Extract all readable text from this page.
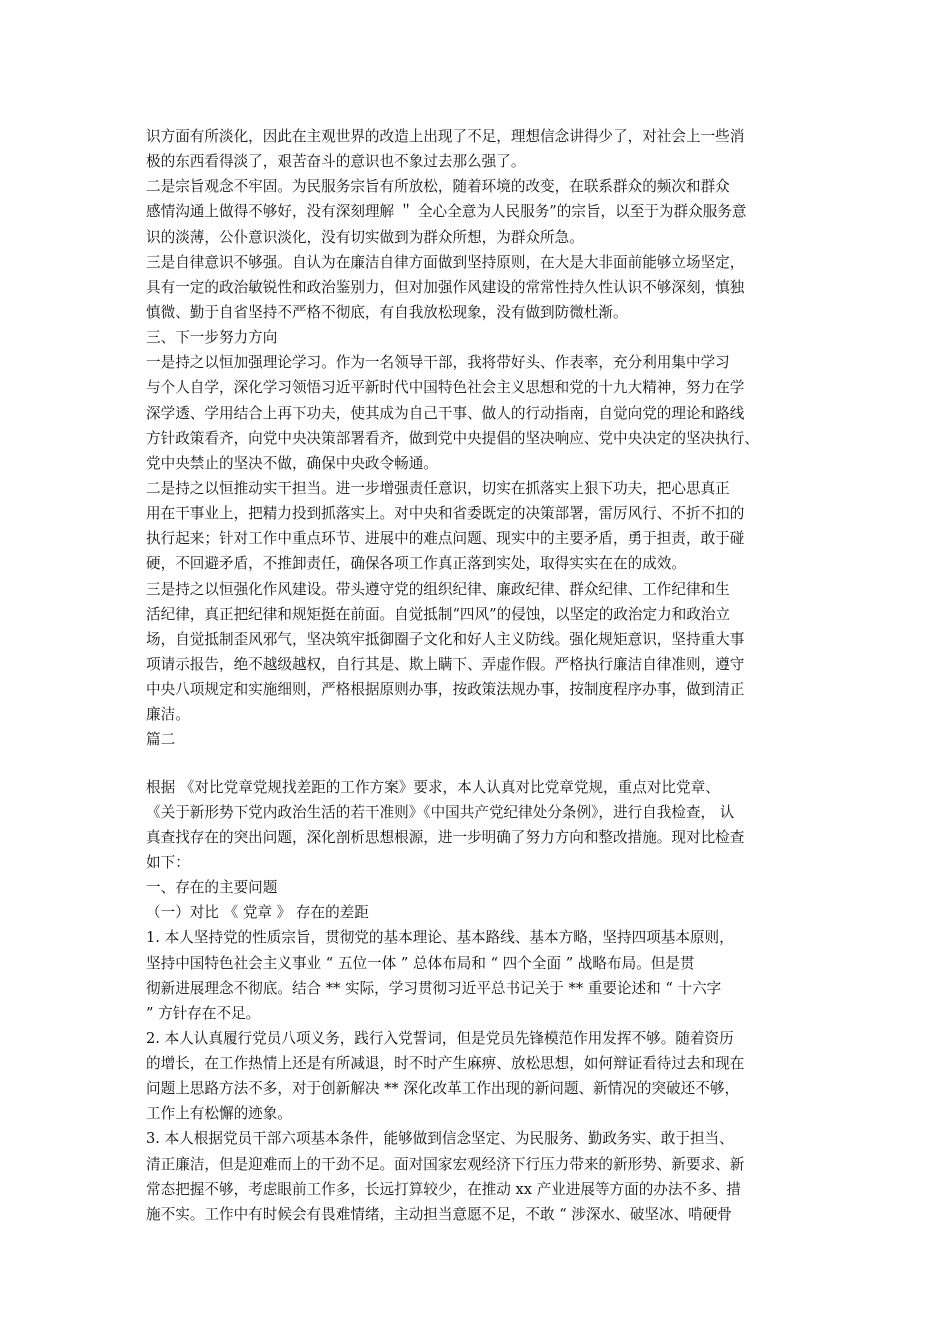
识方面有所淡化，因此在主观世界的改造上出现了不足，理想信念讲得少了，对社会上一些消
极的东西看得淡了，艰苦奋斗的意识也不象过去那么强了。
二是宗旨观念不牢固。为民服务宗旨有所放松，随着环境的改变，在联系群众的频次和群众
感情沟通上做得不够好，没有深刻理解 ＂ 全心全意为人民服务”的宗旨，以至于为群众服务意
识的淡薄，公仆意识淡化，没有切实做到为群众所想，为群众所急。
三是自律意识不够强。自认为在廉洁自律方面做到坚持原则，在大是大非面前能够立场坚定，
具有一定的政治敏锐性和政治鉴别力，但对加强作风建设的常常性持久性认识不够深刻，慎独
慎微、勤于自省坚持不严格不彻底，有自我放松现象，没有做到防微杜渐。
三、下一步努力方向
一是持之以恒加强理论学习。作为一名领导干部，我将带好头、作表率，充分利用集中学习
与个人自学，深化学习领悟习近平新时代中国特色社会主义思想和党的十九大精神，努力在学
深学透、学用结合上再下功夫，使其成为自己干事、做人的行动指南，自觉向党的理论和路线
方针政策看齐，向党中央决策部署看齐，做到党中央提倡的坚决响应、党中央决定的坚决执行、
党中央禁止的坚决不做，确保中央政令畅通。
二是持之以恒推动实干担当。进一步增强责任意识，切实在抓落实上狠下功夫，把心思真正
用在干事业上，把精力投到抓落实上。对中央和省委既定的决策部署，雷厉风行、不折不扣的
执行起来；针对工作中重点环节、进展中的难点问题、现实中的主要矛盾，勇于担责，敢于碰
硬，不回避矛盾，不推卸责任，确保各项工作真正落到实处，取得实实在在的成效。
三是持之以恒强化作风建设。带头遵守党的组织纪律、廉政纪律、群众纪律、工作纪律和生
活纪律，真正把纪律和规矩挺在前面。自觉抵制“四风”的侵蚀，以坚定的政治定力和政治立
场，自觉抵制歪风邪气，坚决筑牢抵御圈子文化和好人主义防线。强化规矩意识，坚持重大事
项请示报告，绝不越级越权，自行其是、欺上瞒下、弄虚作假。严格执行廉洁自律准则，遵守
中央八项规定和实施细则，严格根据原则办事，按政策法规办事，按制度程序办事，做到清正
廉洁。
篇二
根据 《对比党章党规找差距的工作方案》要求，本人认真对比党章党规，重点对比党章、
《关于新形势下党内政治生活的若干准则》《中国共产党纪律处分条例》，进行自我检查， 认
真查找存在的突出问题，深化剖析思想根源，进一步明确了努力方向和整改措施。现对比检查
如下：
一、存在的主要问题
（一）对比 《 党章 》 存在的差距
1. 本人坚持党的性质宗旨，贯彻党的基本理论、基本路线、基本方略，坚持四项基本原则，
坚持中国特色社会主义事业 “ 五位一体 ” 总体布局和 “ 四个全面 ” 战略布局。但是贯
彻新进展理念不彻底。结合 ** 实际，学习贯彻习近平总书记关于 ** 重要论述和 “ 十六字
” 方针存在不足。
2. 本人认真履行党员八项义务，践行入党誓词，但是党员先锋模范作用发挥不够。随着资历
的增长，在工作热情上还是有所减退，时不时产生麻痹、放松思想，如何辩证看待过去和现在
问题上思路方法不多，对于创新解决 ** 深化改革工作出现的新问题、新情况的突破还不够，
工作上有松懈的迹象。
3. 本人根据党员干部六项基本条件，能够做到信念坚定、为民服务、勤政务实、敢于担当、
清正廉洁，但是迎难而上的干劲不足。面对国家宏观经济下行压力带来的新形势、新要求、新
常态把握不够，考虑眼前工作多，长远打算较少，在推动 xx 产业进展等方面的办法不多、措
施不实。工作中有时候会有畏难情绪，主动担当意愿不足，不敢 “ 涉深水、破坚冰、啃硬骨
